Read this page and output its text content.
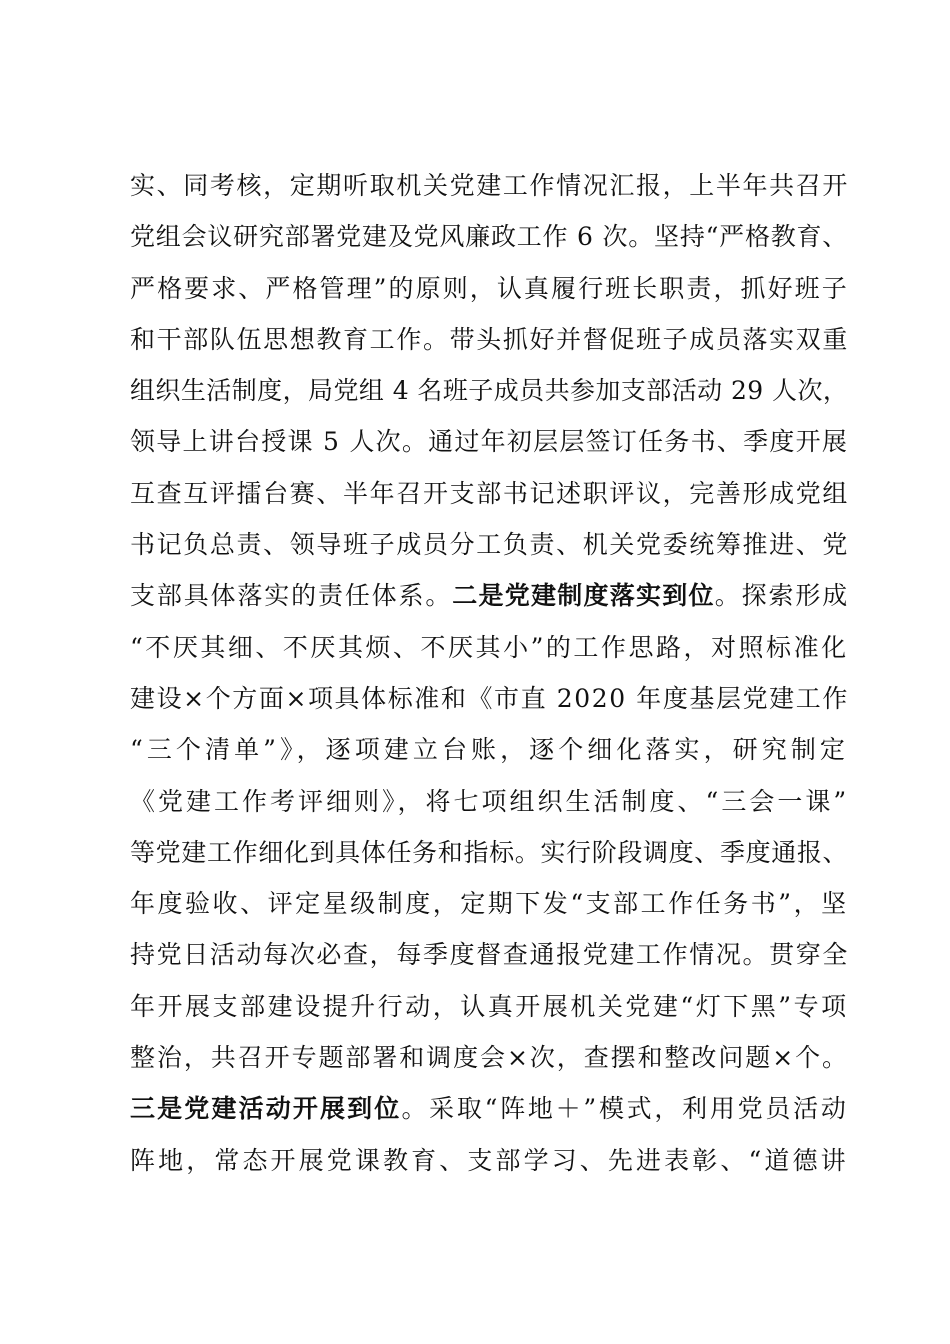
实、同考核，定期听取机关党建工作情况汇报，上半年共召开
党组会议研究部署党建及党风廉政工作 6 次。坚持“严格教育、
严格要求、严格管理”的原则，认真履行班长职责，抓好班子
和干部队伍思想教育工作。带头抓好并督促班子成员落实双重
组织生活制度，局党组 4 名班子成员共参加支部活动 29 人次，
领导上讲台授课 5 人次。通过年初层层签订任务书、季度开展
互查互评擂台赛、半年召开支部书记述职评议，完善形成党组
书记负总责、领导班子成员分工负责、机关党委统筹推进、党
支部具体落实的责任体系。二是党建制度落实到位。探索形成
“不厌其细、不厌其烦、不厌其小”的工作思路，对照标准化
建设×个方面×项具体标准和《市直 2020 年度基层党建工作
“三个清单”》，逐项建立台账，逐个细化落实，研究制定
《党建工作考评细则》，将七项组织生活制度、“三会一课”
等党建工作细化到具体任务和指标。实行阶段调度、季度通报、
年度验收、评定星级制度，定期下发“支部工作任务书”，坚
持党日活动每次必查，每季度督查通报党建工作情况。贯穿全
年开展支部建设提升行动，认真开展机关党建“灯下黑”专项
整治，共召开专题部署和调度会×次，查摆和整改问题×个。
三是党建活动开展到位。采取“阵地＋”模式，利用党员活动
阵地，常态开展党课教育、支部学习、先进表彰、“道德讲
